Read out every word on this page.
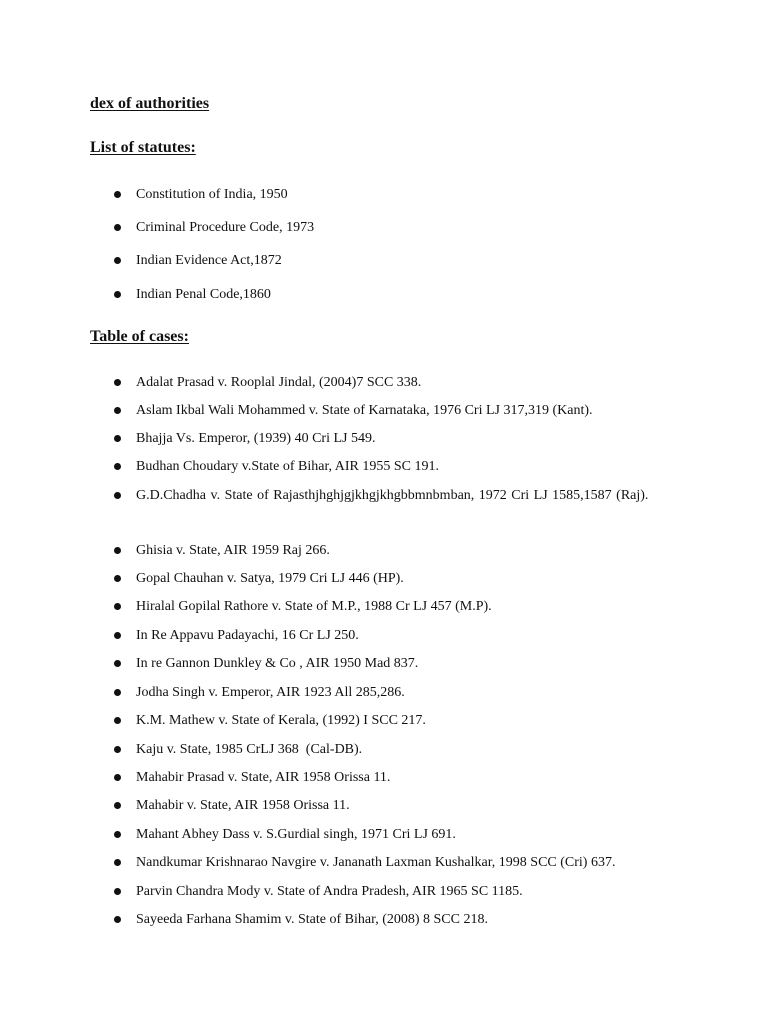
dex of authorities
List of statutes:
Constitution of India, 1950
Criminal Procedure Code, 1973
Indian Evidence Act,1872
Indian Penal Code,1860
Table of cases:
Adalat Prasad v. Rooplal Jindal, (2004)7 SCC 338.
Aslam Ikbal Wali Mohammed v. State of Karnataka, 1976 Cri LJ 317,319 (Kant).
Bhajja Vs. Emperor, (1939) 40 Cri LJ 549.
Budhan Choudary v.State of Bihar, AIR 1955 SC 191.
G.D.Chadha v. State of Rajasthjhghjgjkhgjkhgbbmnbmban, 1972 Cri LJ 1585,1587 (Raj).
Ghisia v. State, AIR 1959 Raj 266.
Gopal Chauhan v. Satya, 1979 Cri LJ 446 (HP).
Hiralal Gopilal Rathore v. State of M.P., 1988 Cr LJ 457 (M.P).
In Re Appavu Padayachi, 16 Cr LJ 250.
In re Gannon Dunkley & Co , AIR 1950 Mad 837.
Jodha Singh v. Emperor, AIR 1923 All 285,286.
K.M. Mathew v. State of Kerala, (1992) I SCC 217.
Kaju v. State, 1985 CrLJ 368  (Cal-DB).
Mahabir Prasad v. State, AIR 1958 Orissa 11.
Mahabir v. State, AIR 1958 Orissa 11.
Mahant Abhey Dass v. S.Gurdial singh, 1971 Cri LJ 691.
Nandkumar Krishnarao Navgire v. Jananath Laxman Kushalkar, 1998 SCC (Cri) 637.
Parvin Chandra Mody v. State of Andra Pradesh, AIR 1965 SC 1185.
Sayeeda Farhana Shamim v. State of Bihar, (2008) 8 SCC 218.
